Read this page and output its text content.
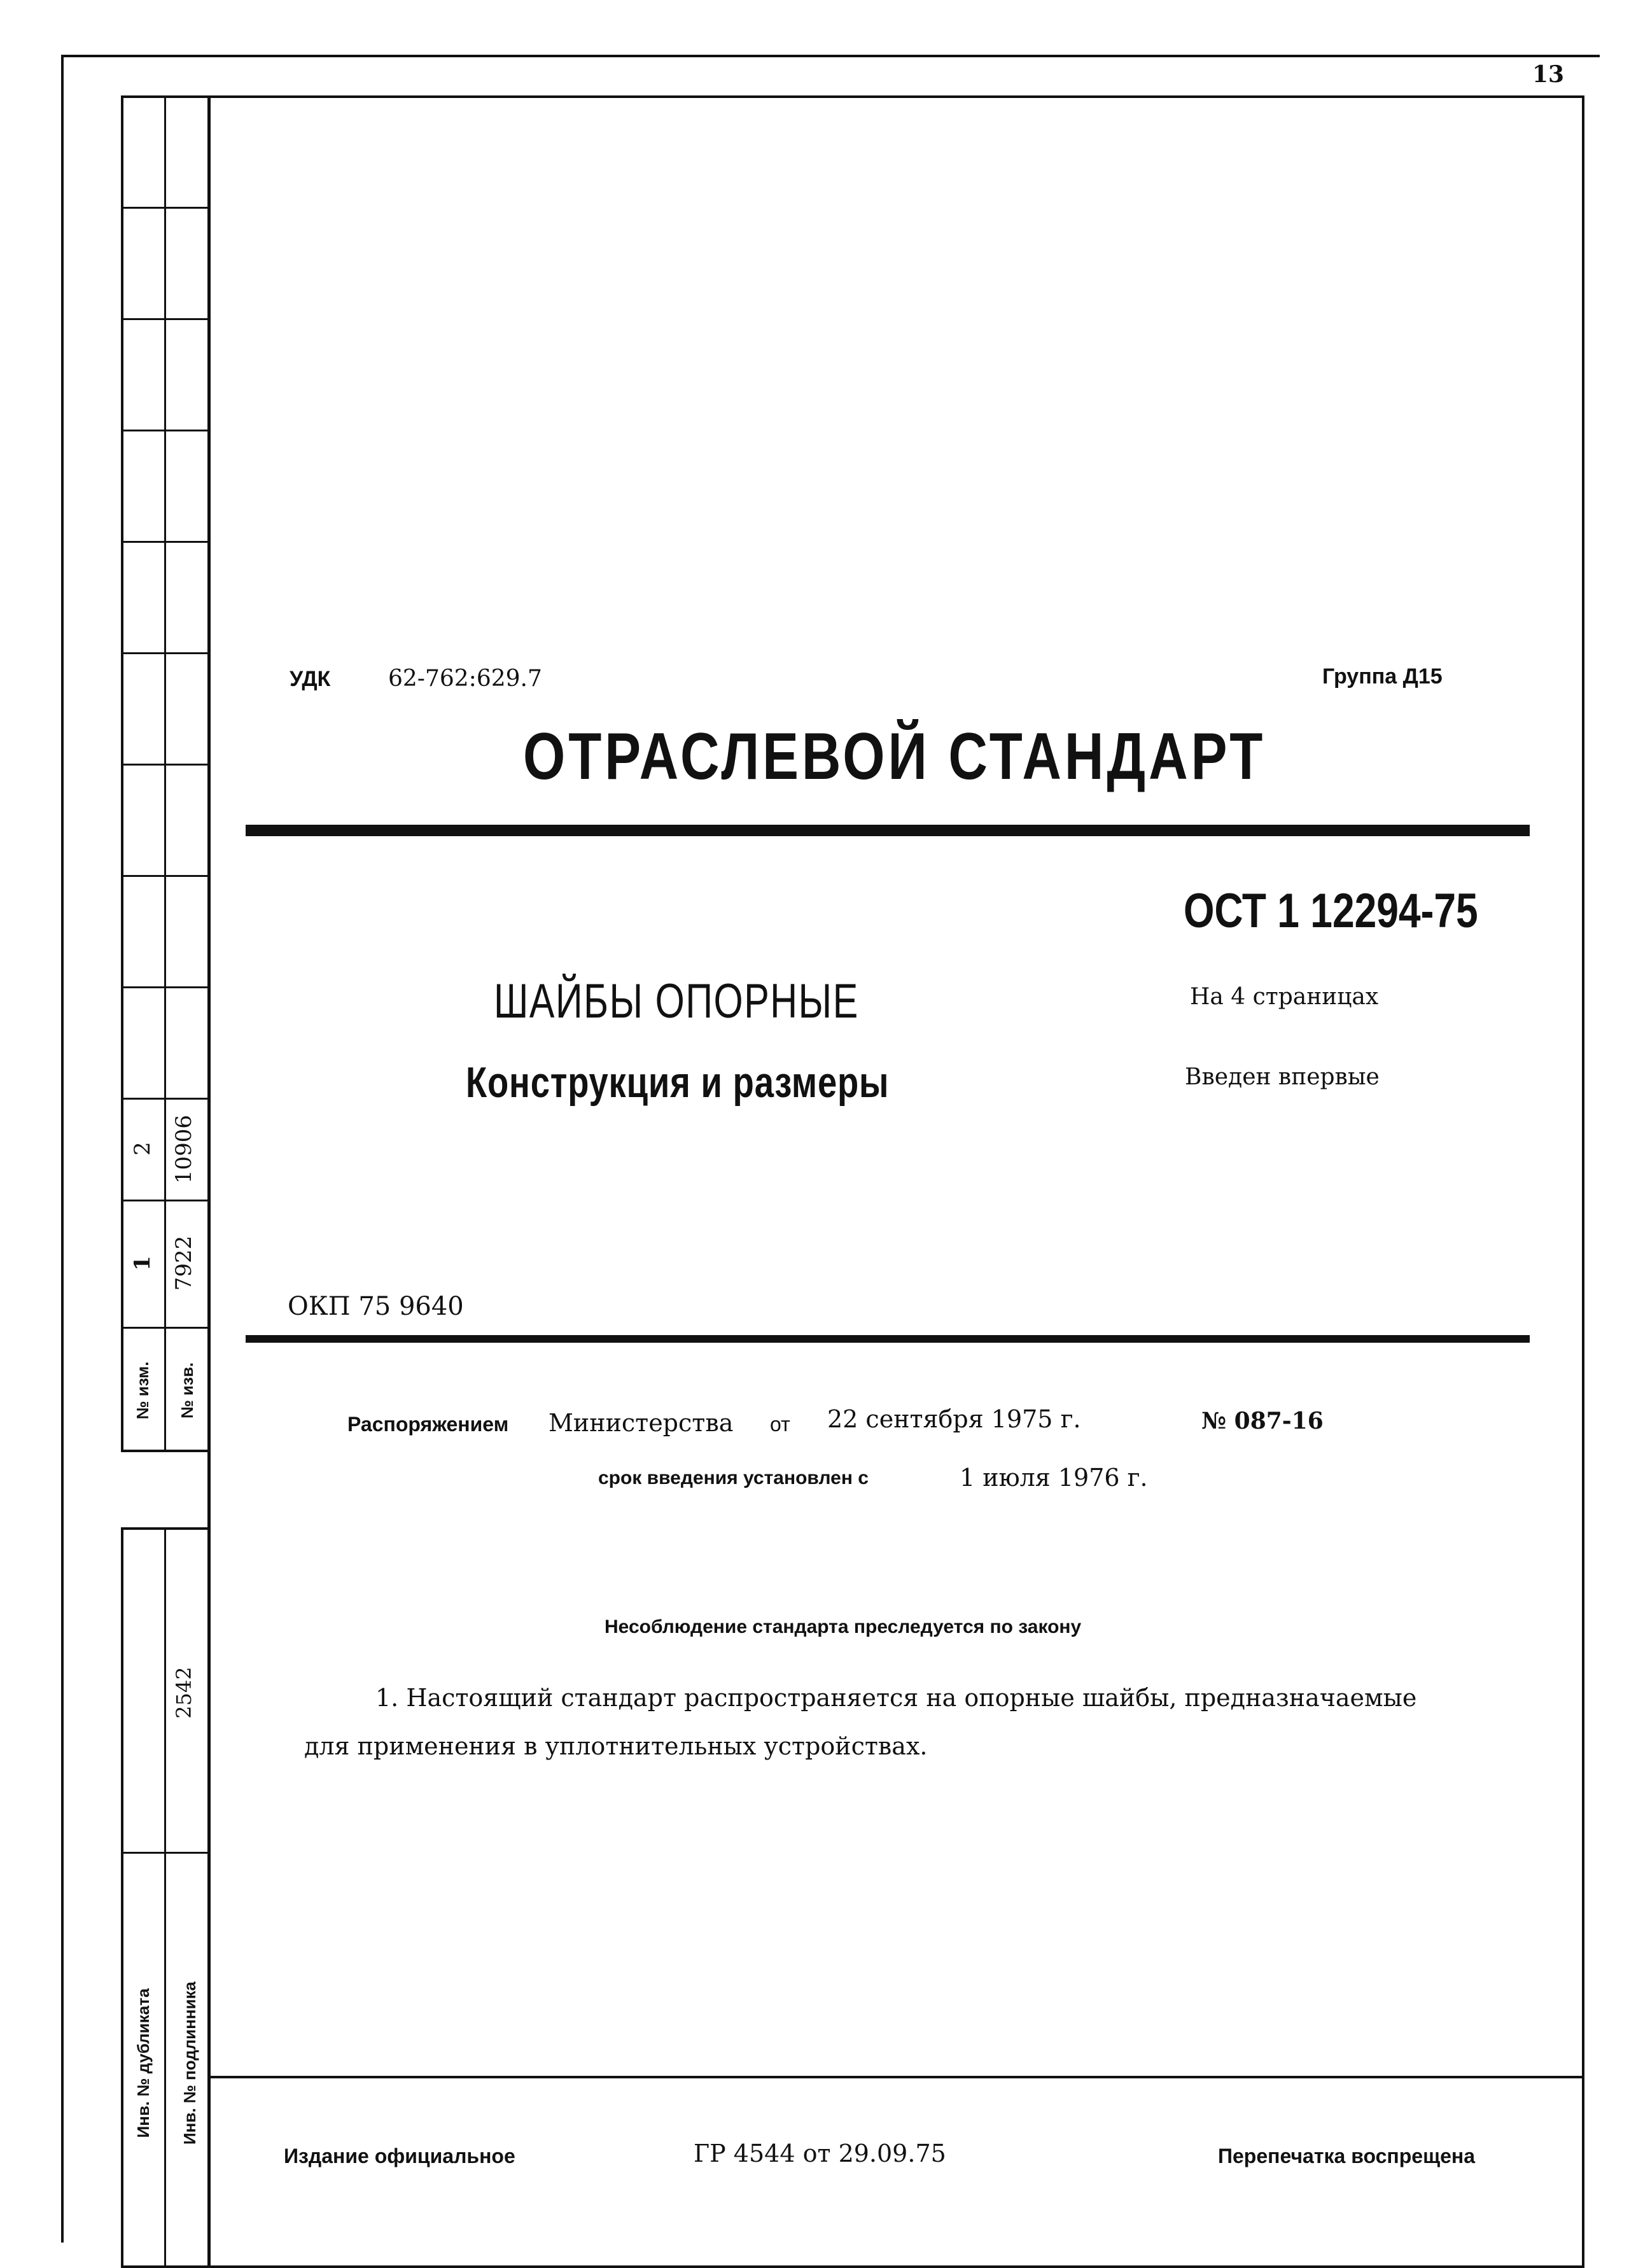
13
2 10906
1 7922
№ изм. № изв.
2542
Инв. № дубликата Инв. № подлинника
УДК	62-762:629.7	Группа Д15
ОТРАСЛЕВОЙ СТАНДАРТ
ОСТ 1 12294-75
ШАЙБЫ ОПОРНЫЕ	На 4 страницах
Конструкция и размеры	Введен впервые
ОКП 75 9640
Распоряжением Министерства от 22 сентября 1975 г.	№ 087-16
срок введения установлен с	1 июля 1976 г.
Несоблюдение стандарта преследуется по закону
1. Настоящий стандарт распространяется на опорные шайбы, предназначаемые
для применения в уплотнительных устройствах.
Издание официальное	ГР 4544 от 29.09.75	Перепечатка воспрещена
